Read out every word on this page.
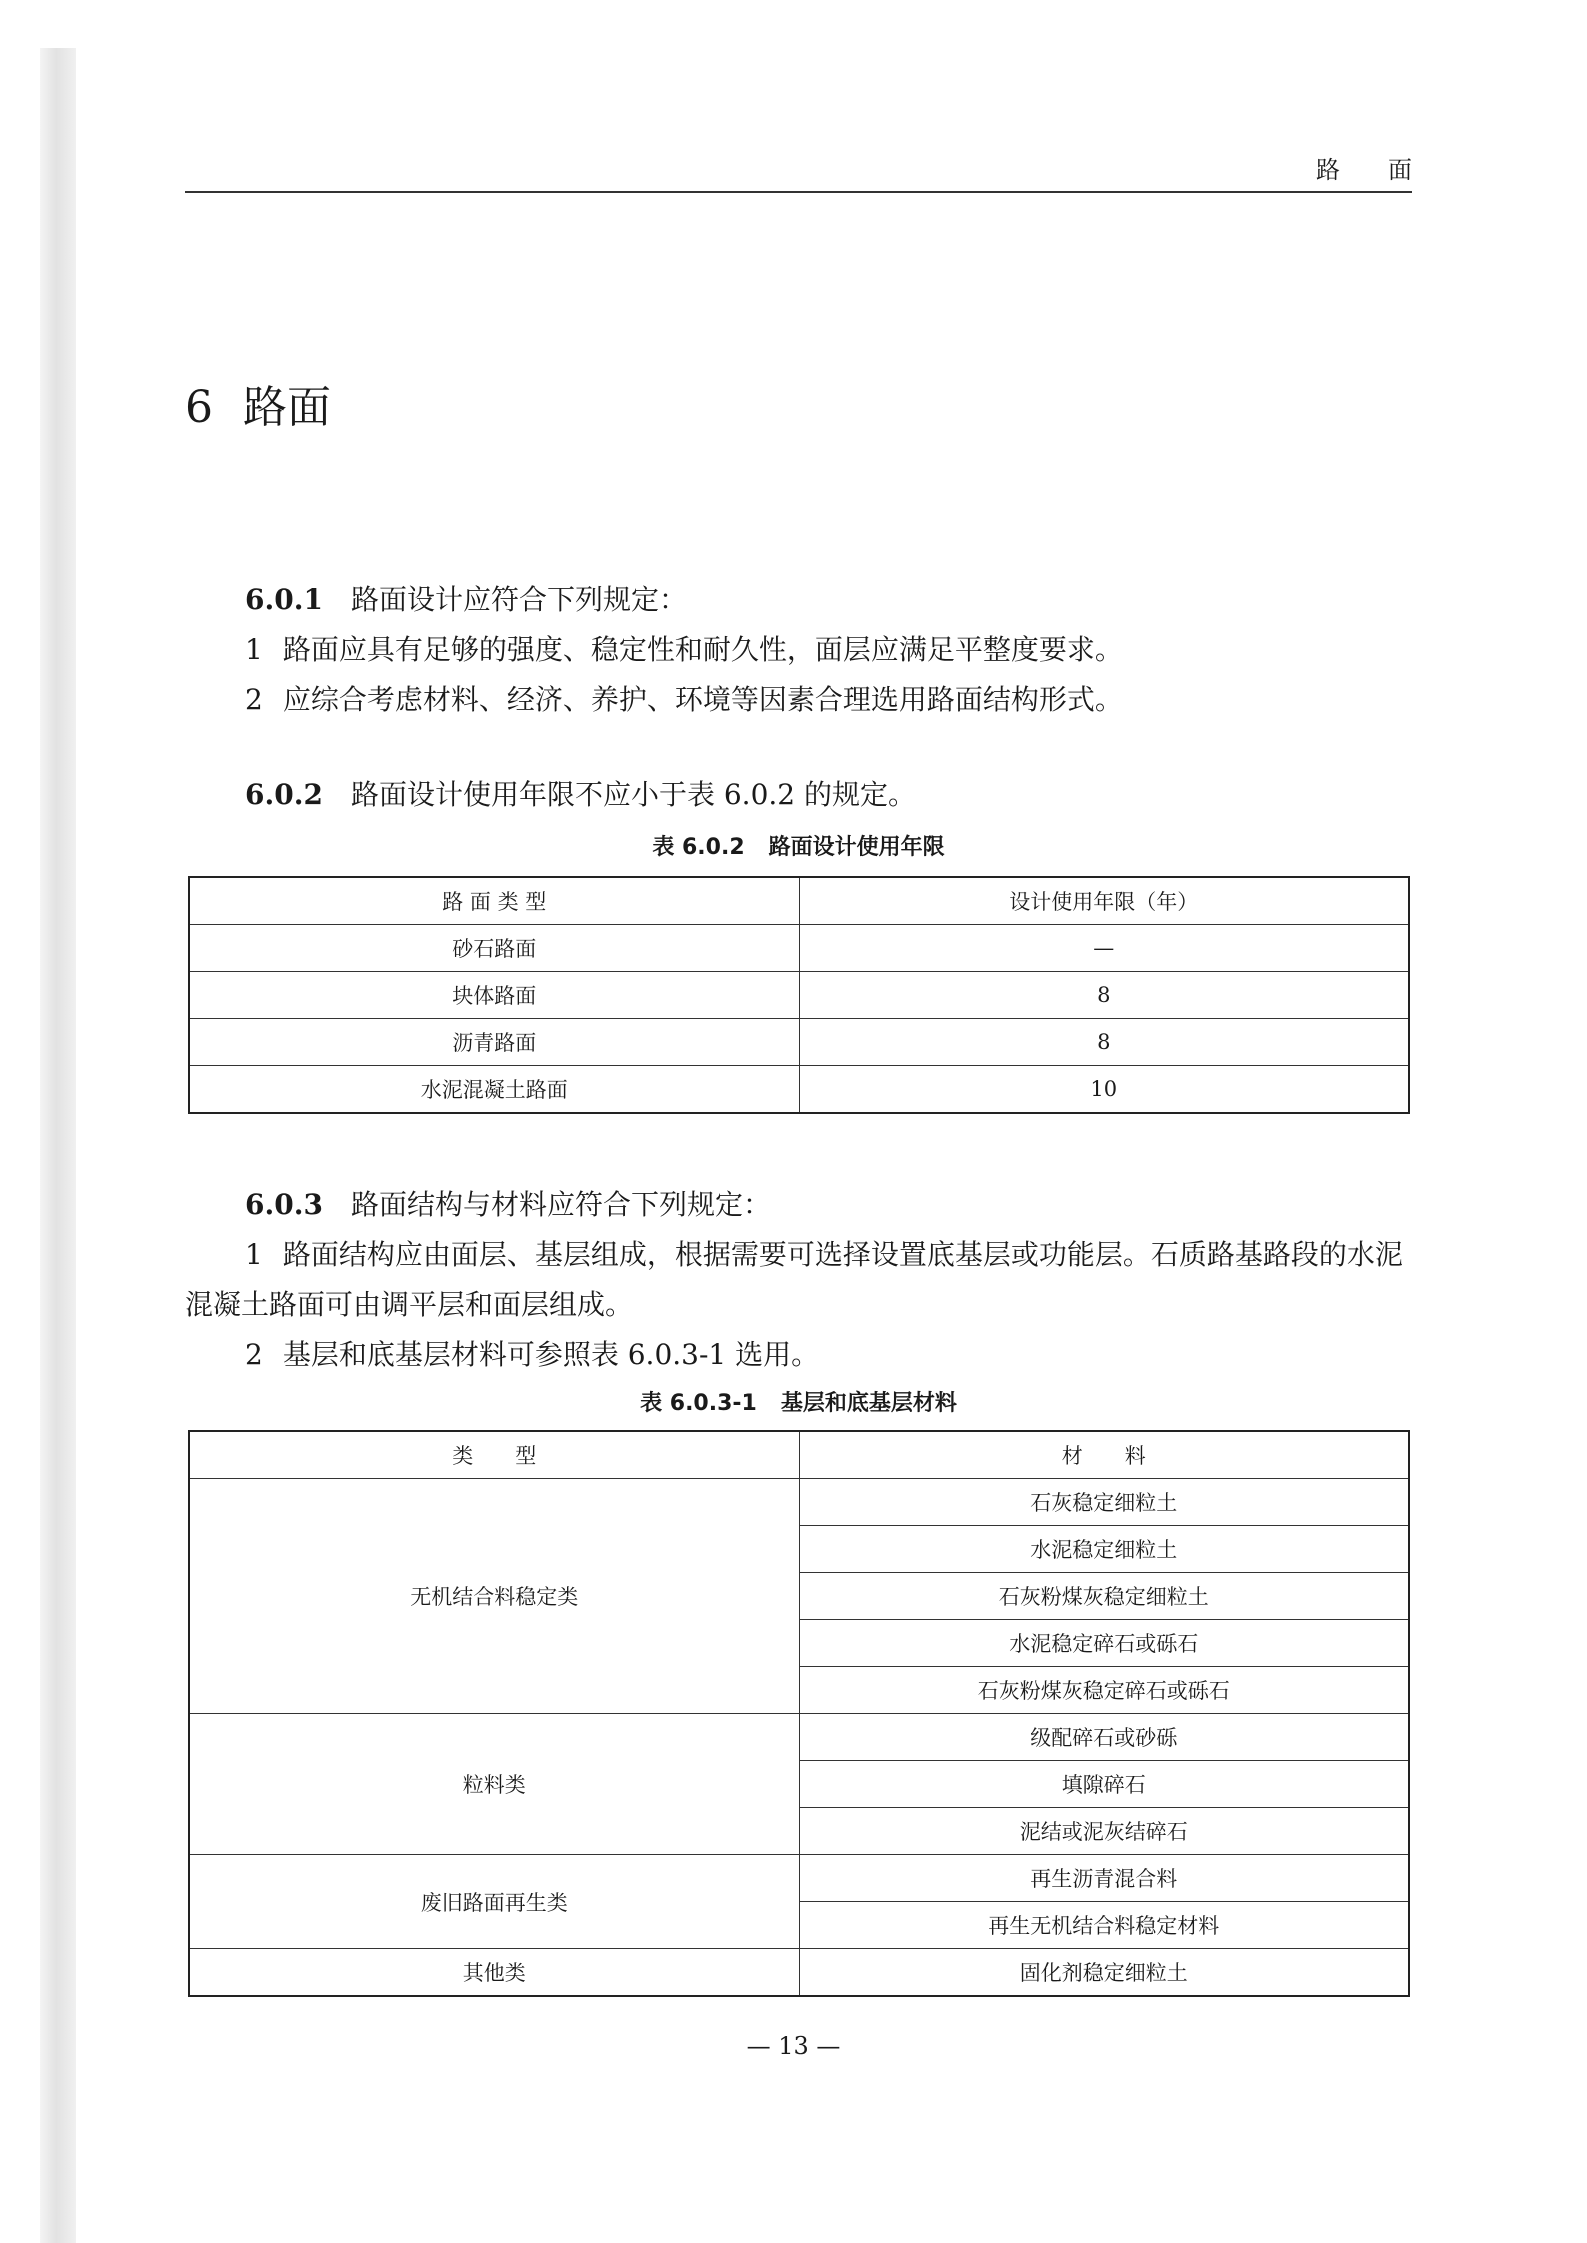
路面
6 路面
6.0.1 路面设计应符合下列规定：
1 路面应具有足够的强度、稳定性和耐久性，面层应满足平整度要求。
2 应综合考虑材料、经济、养护、环境等因素合理选用路面结构形式。
6.0.2 路面设计使用年限不应小于表 6.0.2 的规定。
表 6.0.2 路面设计使用年限
路 面 类 型	设计使用年限（年）
砂石路面	—
块体路面	8
沥青路面	8
水泥混凝土路面	10
6.0.3 路面结构与材料应符合下列规定：
1 路面结构应由面层、基层组成，根据需要可选择设置底基层或功能层。石质路基路段的水泥混凝土路面可由调平层和面层组成。
2 基层和底基层材料可参照表 6.0.3-1 选用。
表 6.0.3-1 基层和底基层材料
类　　型	材　　料
无机结合料稳定类	石灰稳定细粒土
	水泥稳定细粒土
	石灰粉煤灰稳定细粒土
	水泥稳定碎石或砾石
	石灰粉煤灰稳定碎石或砾石
粒料类	级配碎石或砂砾
	填隙碎石
	泥结或泥灰结碎石
废旧路面再生类	再生沥青混合料
	再生无机结合料稳定材料
其他类	固化剂稳定细粒土
— 13 —
